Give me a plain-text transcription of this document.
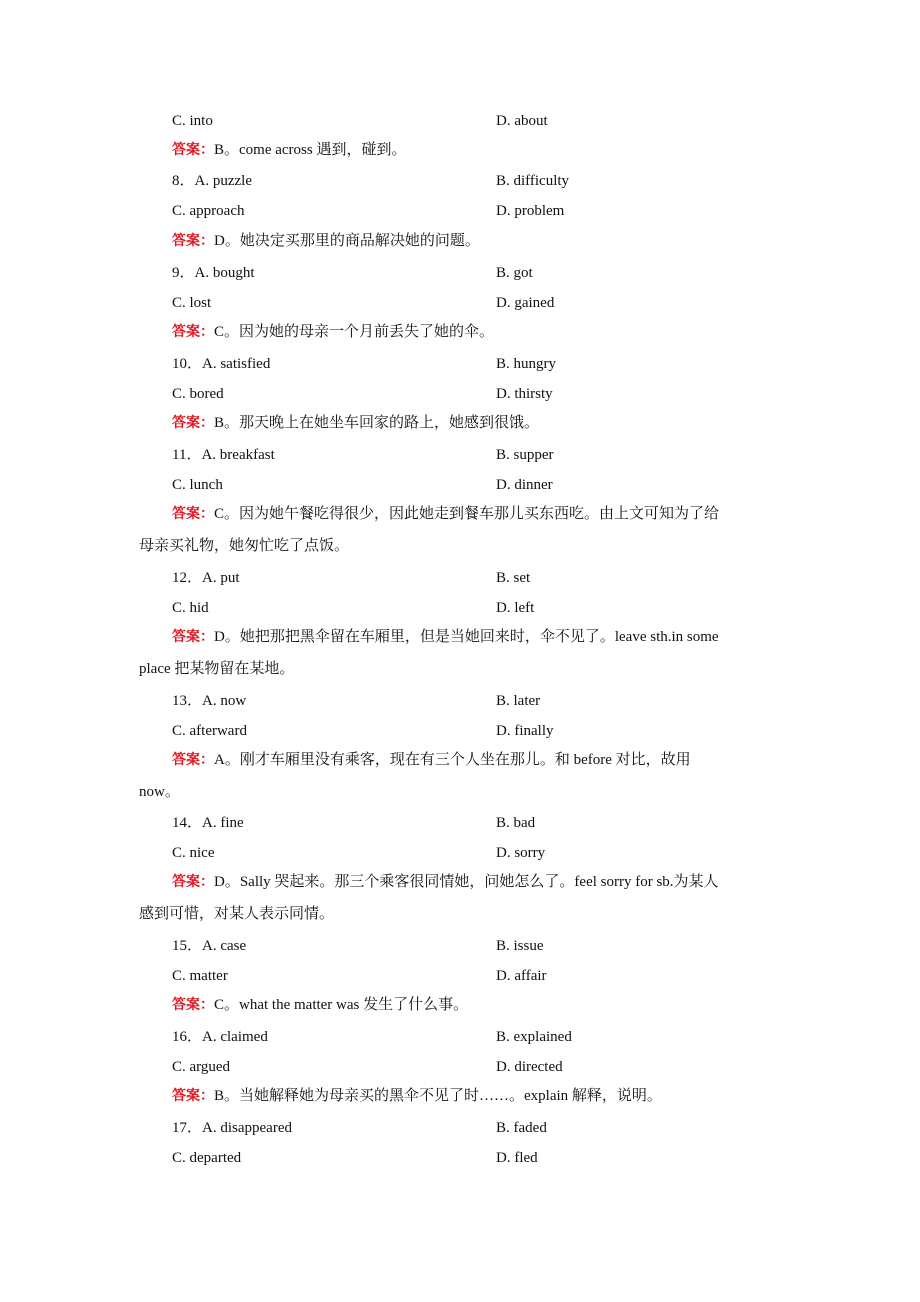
C. into	D. about
答案：B。come across 遇到，碰到。
8．A. puzzle	B. difficulty
C. approach	D. problem
答案：D。她决定买那里的商品解决她的问题。
9．A. bought	B. got
C. lost	D. gained
答案：C。因为她的母亲一个月前丢失了她的伞。
10．A. satisfied	B. hungry
C. bored	D. thirsty
答案：B。那天晚上在她坐车回家的路上，她感到很饿。
11．A. breakfast	B. supper
C. lunch	D. dinner
答案：C。因为她午餐吃得很少，因此她走到餐车那儿买东西吃。由上文可知为了给
母亲买礼物，她匆忙吃了点饭。
12．A. put	B. set
C. hid	D. left
答案：D。她把那把黑伞留在车厢里，但是当她回来时，伞不见了。leave sth.in some
place 把某物留在某地。
13．A. now	B. later
C. afterward	D. finally
答案：A。刚才车厢里没有乘客，现在有三个人坐在那儿。和 before 对比，故用
now。
14．A. fine	B. bad
C. nice	D. sorry
答案：D。Sally 哭起来。那三个乘客很同情她，问她怎么了。feel sorry for sb.为某人
感到可惜，对某人表示同情。
15．A. case	B. issue
C. matter	D. affair
答案：C。what the matter was 发生了什么事。
16．A. claimed	B. explained
C. argued	D. directed
答案：B。当她解释她为母亲买的黑伞不见了时……。explain 解释，说明。
17．A. disappeared	B. faded
C. departed	D. fled
